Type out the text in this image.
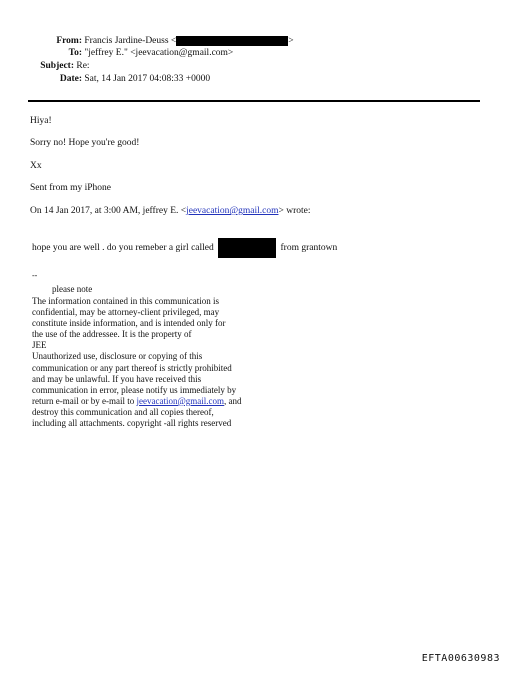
From: Francis Jardine-Deuss <	>
To: "jeffrey E." <jeevacation@gmail.com>
Subject: Re:
Date: Sat, 14 Jan 2017 04:08:33 +0000
Hiya!
Sorry no! Hope you're good!
Xx
Sent from my iPhone
On 14 Jan 2017, at 3:00 AM, jeffrey E. <jeevacation@gmail.com> wrote:
hope you are well . do you remeber a girl called	from grantown
--
please note
The information contained in this communication is
confidential, may be attorney-client privileged, may
constitute inside information, and is intended only for
the use of the addressee. It is the property of
JEE
Unauthorized use, disclosure or copying of this
communication or any part thereof is strictly prohibited
and may be unlawful. If you have received this
communication in error, please notify us immediately by
return e-mail or by e-mail to jeevacation@gmail.com, and
destroy this communication and all copies thereof,
including all attachments. copyright -all rights reserved
EFTA00630983
